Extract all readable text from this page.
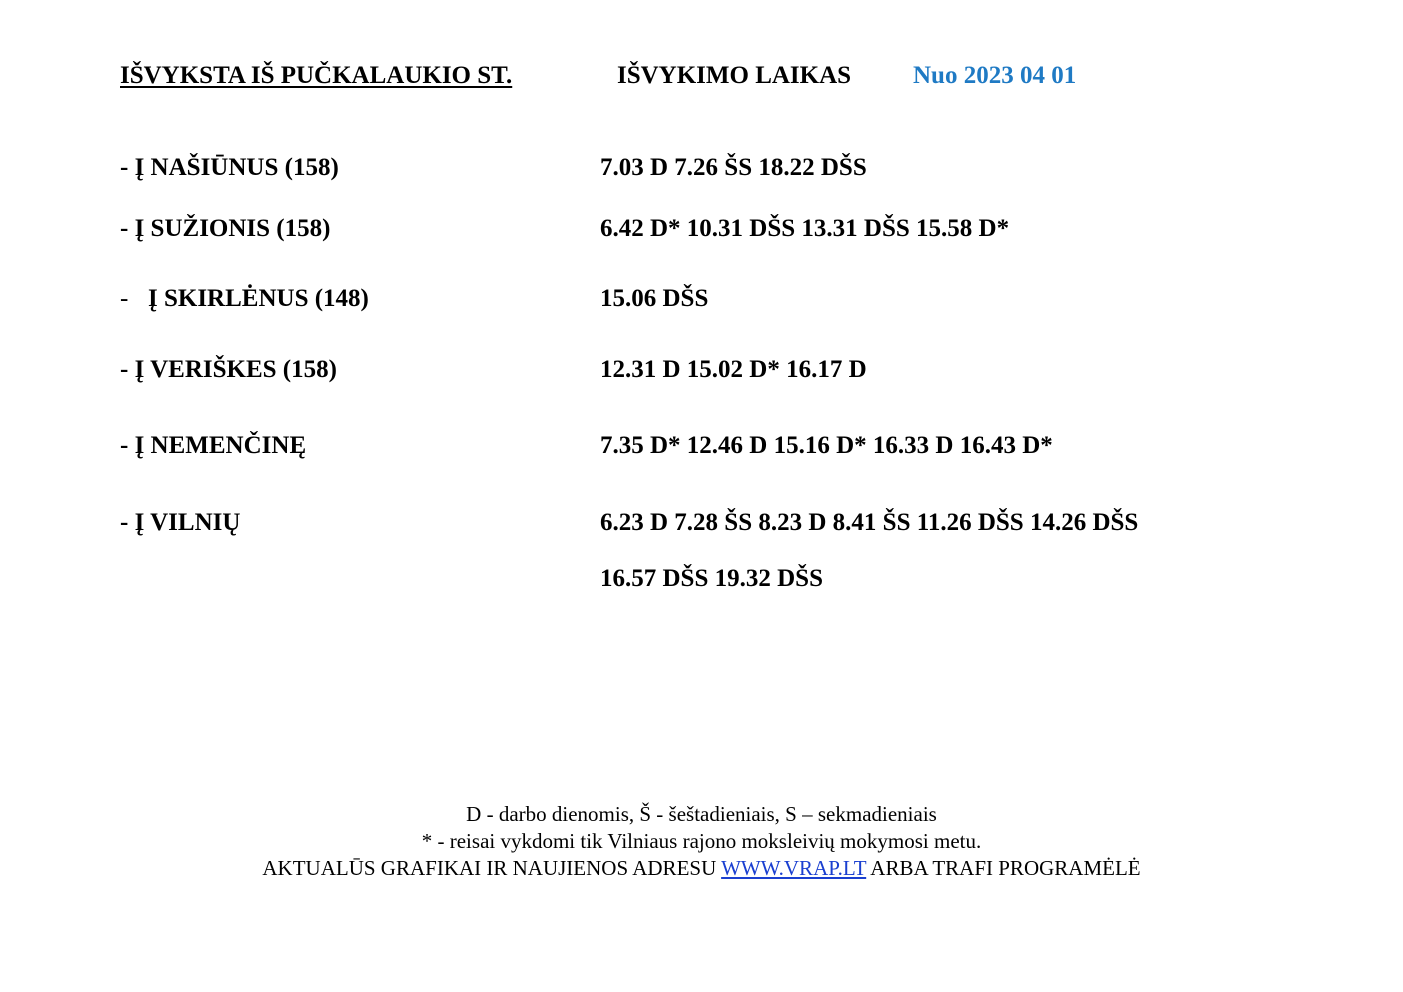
IŠVYKSTA IŠ PUČKALAUKIO ST.	IŠVYKIMO LAIKAS Nuo 2023 04 01
- Į NAŠIŪNUS (158)	7.03 D 7.26 ŠS 18.22 DŠS
- Į SUŽIONIS (158)	6.42 D* 10.31 DŠS 13.31 DŠS 15.58 D*
- Į SKIRLĖNUS (148)	15.06 DŠS
- Į VERIŠKES (158)	12.31 D 15.02 D* 16.17 D
- Į NEMENČINĘ	7.35 D* 12.46 D 15.16 D* 16.33 D 16.43 D*
- Į VILNIŲ	6.23 D 7.28 ŠS 8.23 D 8.41 ŠS 11.26 DŠS 14.26 DŠS
16.57 DŠS 19.32 DŠS
D - darbo dienomis, Š - šeštadieniais, S – sekmadieniais
* - reisai vykdomi tik Vilniaus rajono moksleivių mokymosi metu.
AKTUALŪS GRAFIKAI IR NAUJIENOS ADRESU WWW.VRAP.LT ARBA TRAFI PROGRAMĖLĖ
